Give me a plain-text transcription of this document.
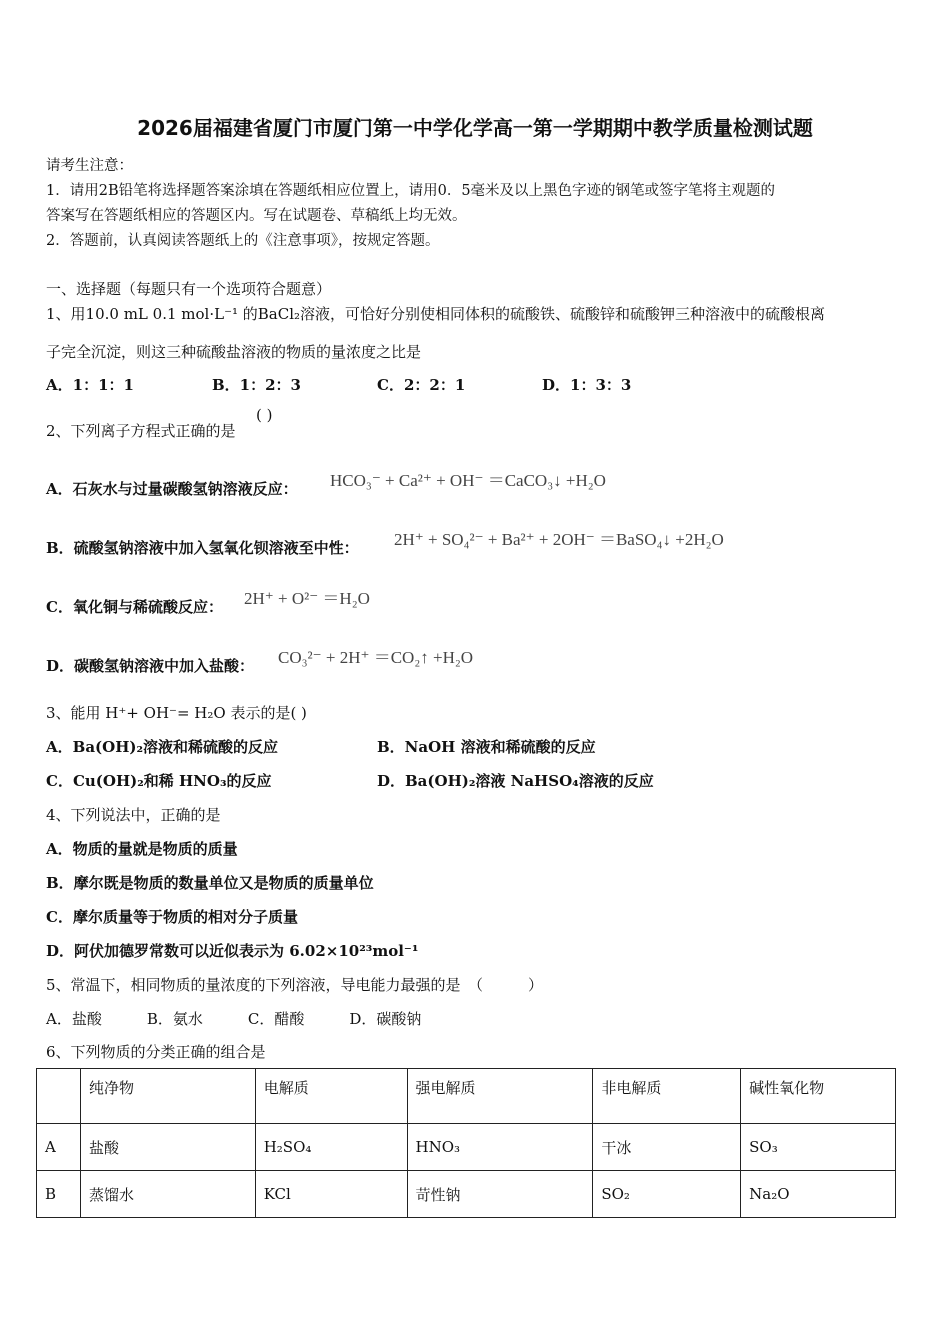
2026届福建省厦门市厦门第一中学化学高一第一学期期中教学质量检测试题
请考生注意：
1．请用2B铅笔将选择题答案涂填在答题纸相应位置上，请用0．5毫米及以上黑色字迹的钢笔或签字笔将主观题的
答案写在答题纸相应的答题区内。写在试题卷、草稿纸上均无效。
2．答题前，认真阅读答题纸上的《注意事项》，按规定答题。
一、选择题（每题只有一个选项符合题意）
1、用10.0 mL 0.1 mol·L⁻¹ 的BaCl₂溶液，可恰好分别使相同体积的硫酸铁、硫酸锌和硫酸钾三种溶液中的硫酸根离
子完全沉淀，则这三种硫酸盐溶液的物质的量浓度之比是
A．1：1：1	B．1：2：3	C．2：2：1	D．1：3：3
2、下列离子方程式正确的是
( )
A．石灰水与过量碳酸氢钠溶液反应： HCO₃⁻ + Ca²⁺ + OH⁻ ＝CaCO₃↓ +H₂O
B．硫酸氢钠溶液中加入氢氧化钡溶液至中性： 2H⁺ + SO₄²⁻ + Ba²⁺ + 2OH⁻ ＝BaSO₄↓ +2H₂O
C．氧化铜与稀硫酸反应： 2H⁺ + O²⁻ ＝H₂O
D．碳酸氢钠溶液中加入盐酸： CO₃²⁻ + 2H⁺ ＝CO₂↑ +H₂O
3、能用 H⁺+ OH⁻= H₂O 表示的是( )
A．Ba(OH)₂溶液和稀硫酸的反应	B．NaOH 溶液和稀硫酸的反应
C．Cu(OH)₂和稀 HNO₃的反应	D．Ba(OH)₂溶液 NaHSO₄溶液的反应
4、下列说法中，正确的是
A．物质的量就是物质的质量
B．摩尔既是物质的数量单位又是物质的质量单位
C．摩尔质量等于物质的相对分子质量
D．阿伏加德罗常数可以近似表示为 6.02×10²³mol⁻¹
5、常温下，相同物质的量浓度的下列溶液，导电能力最强的是　（　　　）
A．盐酸　　　B．氨水　　　C．醋酸　　　D．碳酸钠
6、下列物质的分类正确的组合是
	纯净物	电解质	强电解质	非电解质	碱性氧化物
A	盐酸	H₂SO₄	HNO₃	干冰	SO₃
B	蒸馏水	KCl	苛性钠	SO₂	Na₂O
